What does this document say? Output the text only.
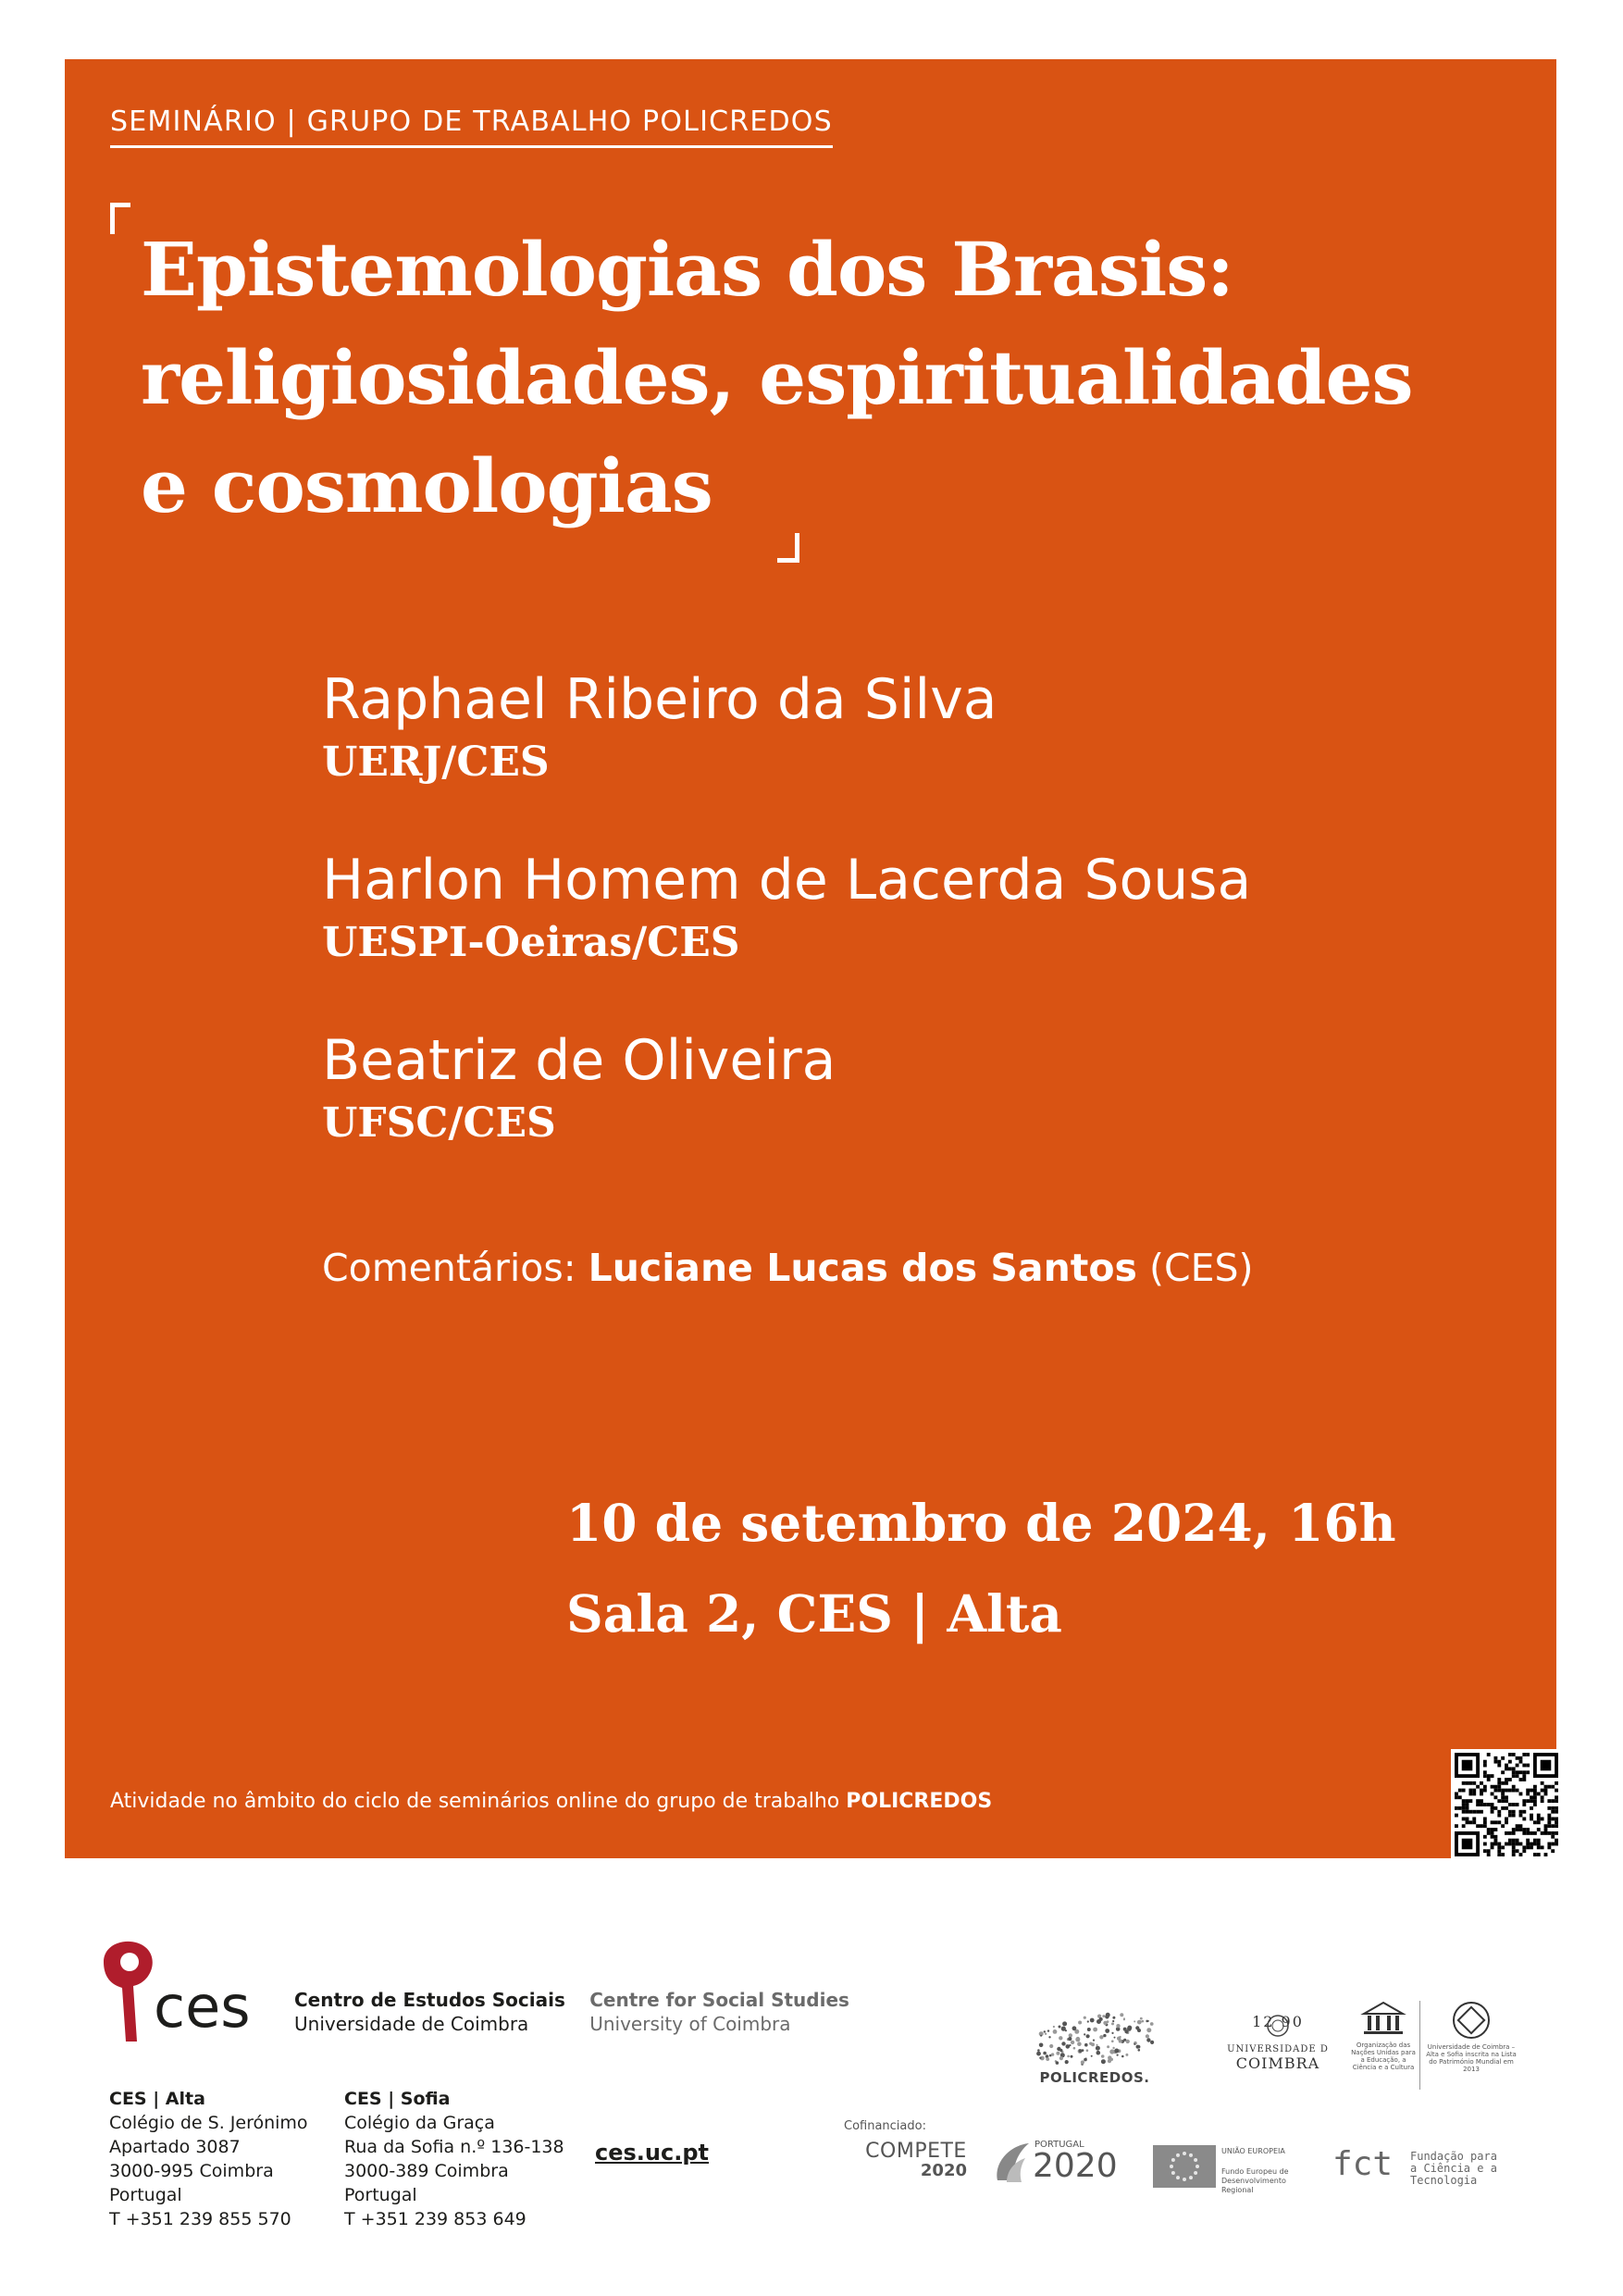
SEMINÁRIO | GRUPO DE TRABALHO POLICREDOS
Epistemologias dos Brasis:
religiosidades, espiritualidades
e cosmologias
Raphael Ribeiro da Silva
UERJ/CES
Harlon Homem de Lacerda Sousa
UESPI-Oeiras/CES
Beatriz de Oliveira
UFSC/CES
Comentários: Luciane Lucas dos Santos (CES)
10 de setembro de 2024, 16h
Sala 2, CES | Alta
Atividade no âmbito do ciclo de seminários online do grupo de trabalho POLICREDOS
ces Centro de Estudos Sociais
Universidade de Coimbra Centre for Social Studies
University of Coimbra
CES | Alta
Colégio de S. Jerónimo
Apartado 3087
3000-995 Coimbra
Portugal
T +351 239 855 570
CES | Sofia
Colégio da Graça
Rua da Sofia n.º 136-138
3000-389 Coimbra
Portugal
T +351 239 853 649
ces.uc.pt
POLICREDOS.
12 90
UNIVERSIDADE D
COIMBRA
Organização das Nações Unidas para a Educação, a Ciência e a Cultura
Universidade de Coimbra – Alta e Sofia inscrita na Lista do Património Mundial em 2013
Cofinanciado:
COMPETE
2020
PORTUGAL
2020	UNIÃO EUROPEIA
Fundo Europeu de Desenvolvimento Regional
fct Fundação para a Ciência e a Tecnologia
